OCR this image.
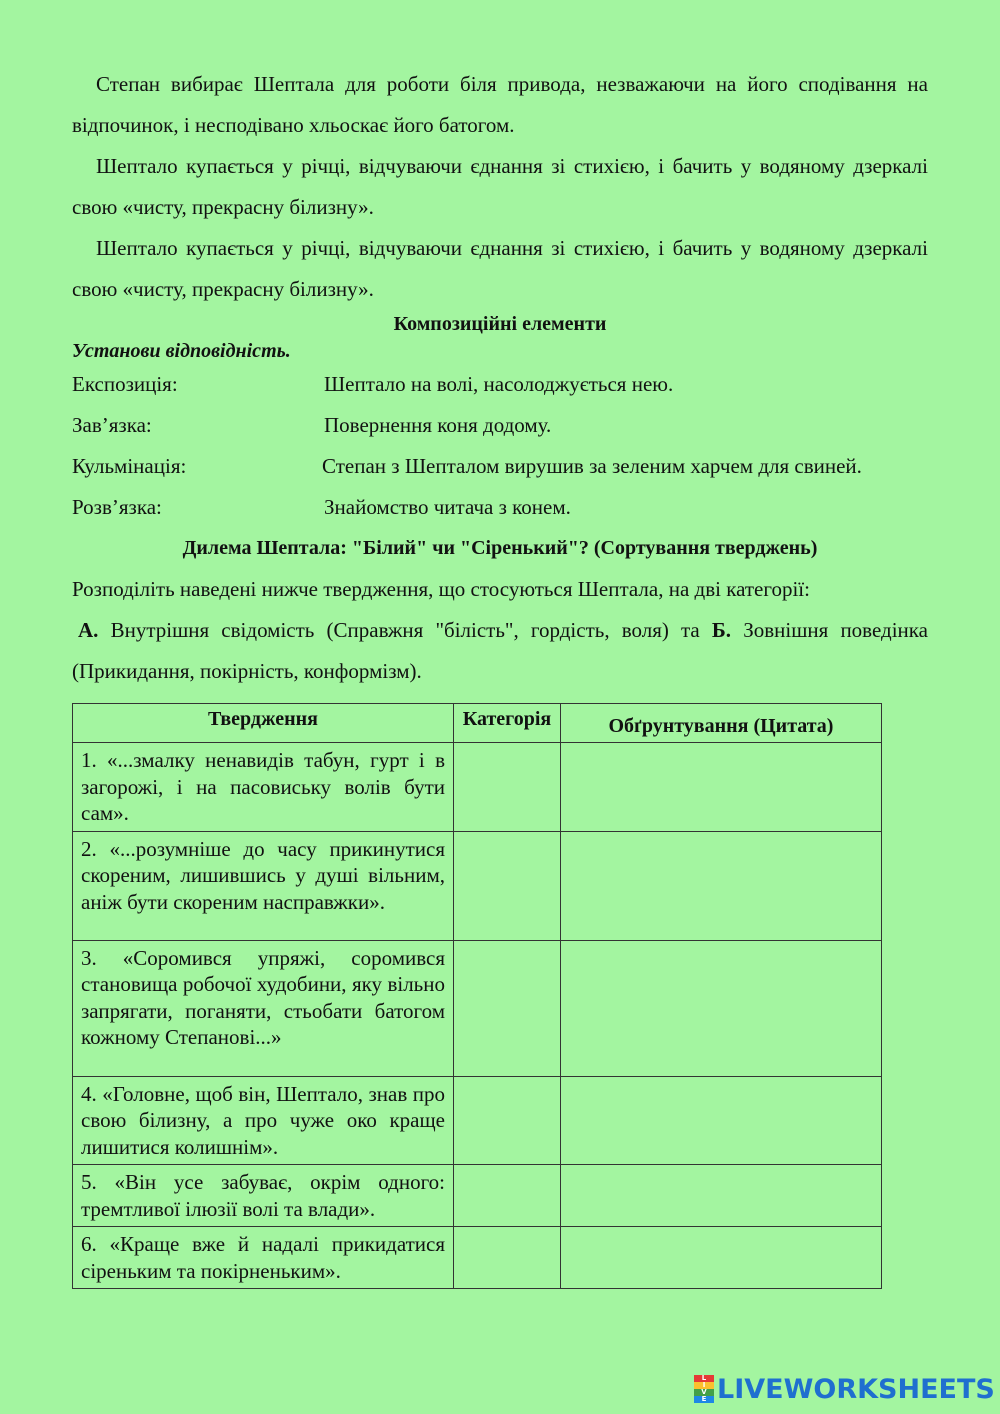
Степан вибирає Шептала для роботи біля привода, незважаючи на його сподівання на відпочинок, і несподівано хльоскає його батогом.

Шептало купається у річці, відчуваючи єднання зі стихією, і бачить у водяному дзеркалі свою «чисту, прекрасну білизну».

Шептало купається у річці, відчуваючи єднання зі стихією, і бачить у водяному дзеркалі свою «чисту, прекрасну білизну».

Композиційні елементи

Установи відповідність.

Експозиція:	Шептало на волі, насолоджується нею.
Зав’язка:	Повернення коня додому.
Кульмінація:	Степан з Шепталом вирушив за зеленим харчем для свиней.
Розв’язка:	Знайомство читача з конем.

Дилема Шептала: "Білий" чи "Сіренький"? (Сортування тверджень)

Розподіліть наведені нижче твердження, що стосуються Шептала, на дві категорії:

А. Внутрішня свідомість (Справжня "білість", гордість, воля) та Б. Зовнішня поведінка (Прикидання, покірність, конформізм).

Твердження	Категорія	Обґрунтування (Цитата)
1. «...змалку ненавидів табун, гурт і в загорожі, і на пасовиську волів бути сам».		
2. «...розумніше до часу прикинутися скореним, лишившись у душі вільним, аніж бути скореним насправжки».		
3. «Соромився упряжі, соромився становища робочої худобини, яку вільно запрягати, поганяти, стьобати батогом кожному Степанові...»		
4. «Головне, щоб він, Шептало, знав про свою білизну, а про чуже око краще лишитися колишнім».		
5. «Він усе забуває, окрім одного: тремтливої ілюзії волі та влади».		
6. «Краще вже й надалі прикидатися сіреньким та покірненьким».		
L
I
V
E LIVEWORKSHEETS
